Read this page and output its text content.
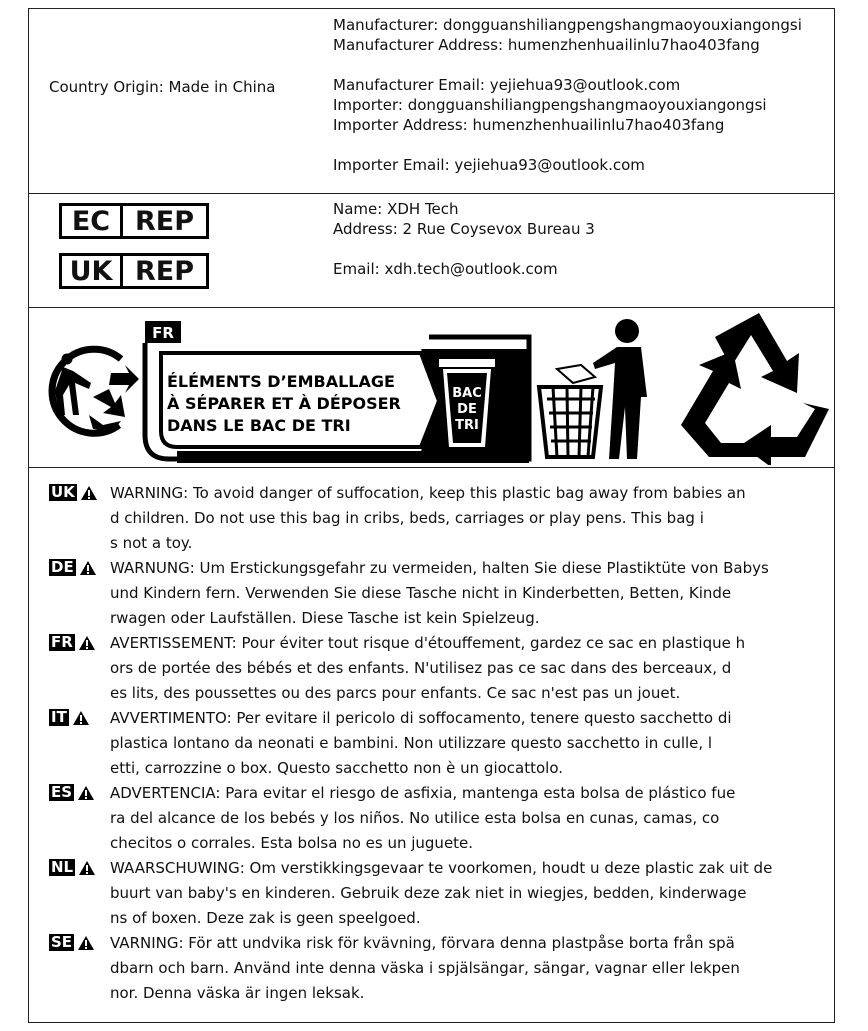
Country Origin: Made in China
Manufacturer: dongguanshiliangpengshangmaoyouxiangongsi
Manufacturer Address: humenzhenhuailinlu7hao403fang
Manufacturer Email: yejiehua93@outlook.com
Importer: dongguanshiliangpengshangmaoyouxiangongsi
Importer Address: humenzhenhuailinlu7hao403fang
Importer Email: yejiehua93@outlook.com
EC REP
UK REP
Name: XDH Tech
Address: 2 Rue Coysevox Bureau 3
Email: xdh.tech@outlook.com
FR
ÉLÉMENTS D’EMBALLAGE
À SÉPARER ET À DÉPOSER
DANS LE BAC DE TRI
BAC
DE
TRI
UK WARNING: To avoid danger of suffocation, keep this plastic bag away from babies an
d children. Do not use this bag in cribs, beds, carriages or play pens. This bag i
s not a toy.
DE WARNUNG: Um Erstickungsgefahr zu vermeiden, halten Sie diese Plastiktüte von Babys
und Kindern fern. Verwenden Sie diese Tasche nicht in Kinderbetten, Betten, Kinde
rwagen oder Laufställen. Diese Tasche ist kein Spielzeug.
FR AVERTISSEMENT: Pour éviter tout risque d'étouffement, gardez ce sac en plastique h
ors de portée des bébés et des enfants. N'utilisez pas ce sac dans des berceaux, d
es lits, des poussettes ou des parcs pour enfants. Ce sac n'est pas un jouet.
IT	AVVERTIMENTO: Per evitare il pericolo di soffocamento, tenere questo sacchetto di
plastica lontano da neonati e bambini. Non utilizzare questo sacchetto in culle, l
etti, carrozzine o box. Questo sacchetto non è un giocattolo.
ES	ADVERTENCIA: Para evitar el riesgo de asfixia, mantenga esta bolsa de plástico fue
ra del alcance de los bebés y los niños. No utilice esta bolsa en cunas, camas, co
checitos o corrales. Esta bolsa no es un juguete.
NL WAARSCHUWING: Om verstikkingsgevaar te voorkomen, houdt u deze plastic zak uit de
buurt van baby's en kinderen. Gebruik deze zak niet in wiegjes, bedden, kinderwage
ns of boxen. Deze zak is geen speelgoed.
SE	VARNING: För att undvika risk för kvävning, förvara denna plastpåse borta från spä
dbarn och barn. Använd inte denna väska i spjälsängar, sängar, vagnar eller lekpen
nor. Denna väska är ingen leksak.
